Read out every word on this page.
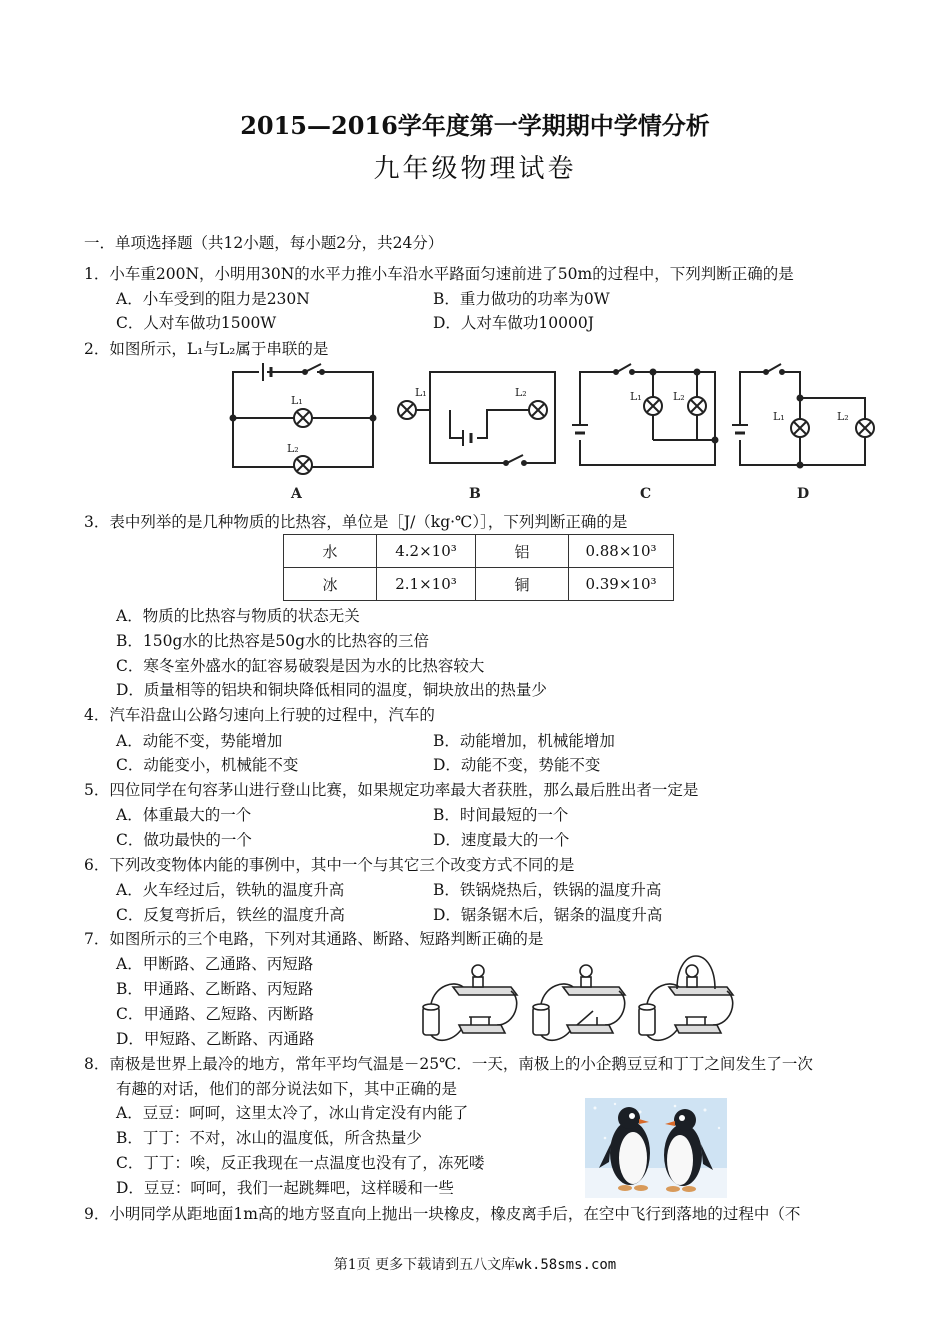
2015—2016学年度第一学期期中学情分析
九年级物理试卷
一．单项选择题（共12小题，每小题2分，共24分）
1．小车重200N，小明用30N的水平力推小车沿水平路面匀速前进了50m的过程中，下列判断正确的是
A．小车受到的阻力是230N	B．重力做功的功率为0W
C．人对车做功1500W	D．人对车做功10000J
2．如图所示，L₁与L₂属于串联的是
L₁
L₂
L₁	L₂	L₁	L₂
L₁	L₂
A	B	C	D
3．表中列举的是几种物质的比热容，单位是［J/（kg·℃）］，下列判断正确的是
水	4.2×10³	铝	0.88×10³
冰	2.1×10³	铜	0.39×10³
A．物质的比热容与物质的状态无关
B．150g水的比热容是50g水的比热容的三倍
C．寒冬室外盛水的缸容易破裂是因为水的比热容较大
D．质量相等的铝块和铜块降低相同的温度，铜块放出的热量少
4．汽车沿盘山公路匀速向上行驶的过程中，汽车的
A．动能不变，势能增加	B．动能增加，机械能增加
C．动能变小，机械能不变	D．动能不变，势能不变
5．四位同学在句容茅山进行登山比赛，如果规定功率最大者获胜，那么最后胜出者一定是
A．体重最大的一个	B．时间最短的一个
C．做功最快的一个	D．速度最大的一个
6．下列改变物体内能的事例中，其中一个与其它三个改变方式不同的是
A．火车经过后，铁轨的温度升高	B．铁锅烧热后，铁锅的温度升高
C．反复弯折后，铁丝的温度升高	D．锯条锯木后，锯条的温度升高
7．如图所示的三个电路，下列对其通路、断路、短路判断正确的是
A．甲断路、乙通路、丙短路
B．甲通路、乙断路、丙短路
C．甲通路、乙短路、丙断路
D．甲短路、乙断路、丙通路
8．南极是世界上最冷的地方，常年平均气温是－25℃．一天，南极上的小企鹅豆豆和丁丁之间发生了一次
有趣的对话，他们的部分说法如下，其中正确的是
A．豆豆：呵呵，这里太冷了，冰山肯定没有内能了
B．丁丁：不对，冰山的温度低，所含热量少
C．丁丁：唉，反正我现在一点温度也没有了，冻死喽
D．豆豆：呵呵，我们一起跳舞吧，这样暖和一些
9．小明同学从距地面1m高的地方竖直向上抛出一块橡皮，橡皮离手后，在空中飞行到落地的过程中（不
第1页 更多下载请到五八文库wk.58sms.com
